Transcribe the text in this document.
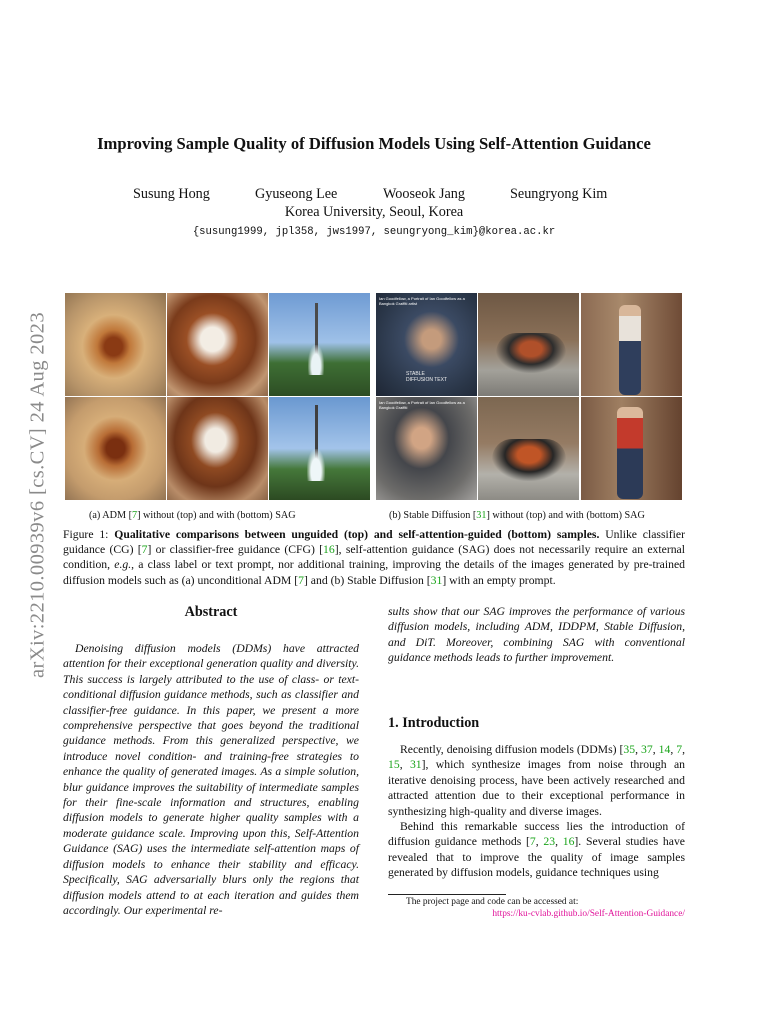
arXiv:2210.00939v6 [cs.CV] 24 Aug 2023
Improving Sample Quality of Diffusion Models Using Self-Attention Guidance
Susung Hong	Gyuseong Lee	Wooseok Jang	Seungryong Kim
Korea University, Seoul, Korea
{susung1999, jpl358, jws1997, seungryong_kim}@korea.ac.kr
Ian Goodfellow, a Portrait of Ian Goodfellow as a Bangkok Graffiti artist
STABLE
DIFFUSION TEXT
Ian Goodfellow, a Portrait of Ian Goodfellow as a Bangkok Graffiti
(a) ADM [7] without (top) and with (bottom) SAG	(b) Stable Diffusion [31] without (top) and with (bottom) SAG
Figure 1: Qualitative comparisons between unguided (top) and self-attention-guided (bottom) samples. Unlike classifier guidance (CG) [7] or classifier-free guidance (CFG) [16], self-attention guidance (SAG) does not necessarily require an external condition, e.g., a class label or text prompt, nor additional training, improving the details of the images generated by pre-trained diffusion models such as (a) unconditional ADM [7] and (b) Stable Diffusion [31] with an empty prompt.
Abstract

Denoising diffusion models (DDMs) have attracted attention for their exceptional generation quality and diversity. This success is largely attributed to the use of class- or text-conditional diffusion guidance methods, such as classifier and classifier-free guidance. In this paper, we present a more comprehensive perspective that goes beyond the traditional guidance methods. From this generalized perspective, we introduce novel condition- and training-free strategies to enhance the quality of generated images. As a simple solution, blur guidance improves the suitability of intermediate samples for their fine-scale information and structures, enabling diffusion models to generate higher quality samples with a moderate guidance scale. Improving upon this, Self-Attention Guidance (SAG) uses the intermediate self-attention maps of diffusion models to enhance their stability and efficacy. Specifically, SAG adversarially blurs only the regions that diffusion models attend to at each iteration and guides them accordingly. Our experimental re-

sults show that our SAG improves the performance of various diffusion models, including ADM, IDDPM, Stable Diffusion, and DiT. Moreover, combining SAG with conventional guidance methods leads to further improvement.

1. Introduction

Recently, denoising diffusion models (DDMs) [35, 37, 14, 7, 15, 31], which synthesize images from noise through an iterative denoising process, have been actively researched and attracted attention due to their exceptional performance in synthesizing high-quality and diverse images.

Behind this remarkable success lies the introduction of diffusion guidance methods [7, 23, 16]. Several studies have revealed that to improve the quality of image samples generated by diffusion models, guidance techniques using

The project page and code can be accessed at:
https://ku-cvlab.github.io/Self-Attention-Guidance/
